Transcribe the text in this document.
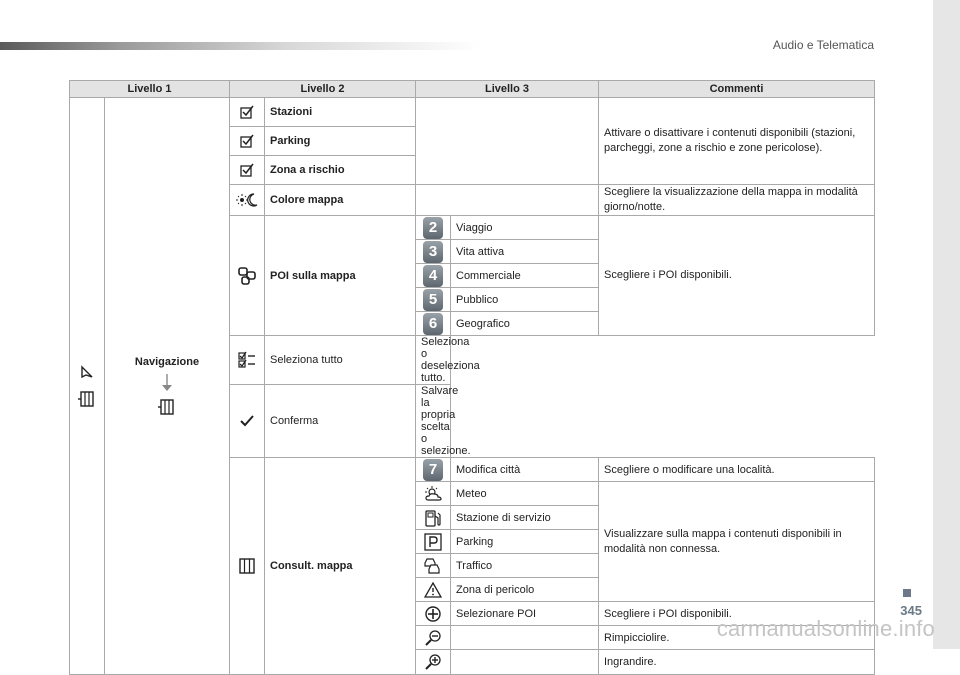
Audio e Telematica
Livello 1		Livello 2		Livello 3		Commenti

Navigazione		Stazioni			Attivare o disattivare i contenuti disponibili (stazioni, parcheggi, zone a rischio e zone pericolose).

	Parking			

	Zona a rischio			

	Colore mappa			Scegliere la visualizzazione della mappa in modalità giorno/notte.

	POI sulla mappa	2	Viaggio	Scegliere i POI disponibili.
				3	Vita attiva	
				4	Commerciale	
				5	Pubblico	
				6	Geografico	

	Seleziona tutto	Seleziona o deseleziona tutto.		

	Conferma	Salvare la propria scelta o selezione.		

	Consult. mappa	7	Modifica città	Scegliere o modificare una località.

	Meteo	Visualizzare sulla mappa i contenuti disponibili in modalità non connessa.

	Stazione di servizio	

	Parking	

	Traffico	

	Zona di pericolo	

	Selezionare POI	Scegliere i POI disponibili.

		Rimpicciolire.

		Ingrandire.
345
carmanualsonline.info
